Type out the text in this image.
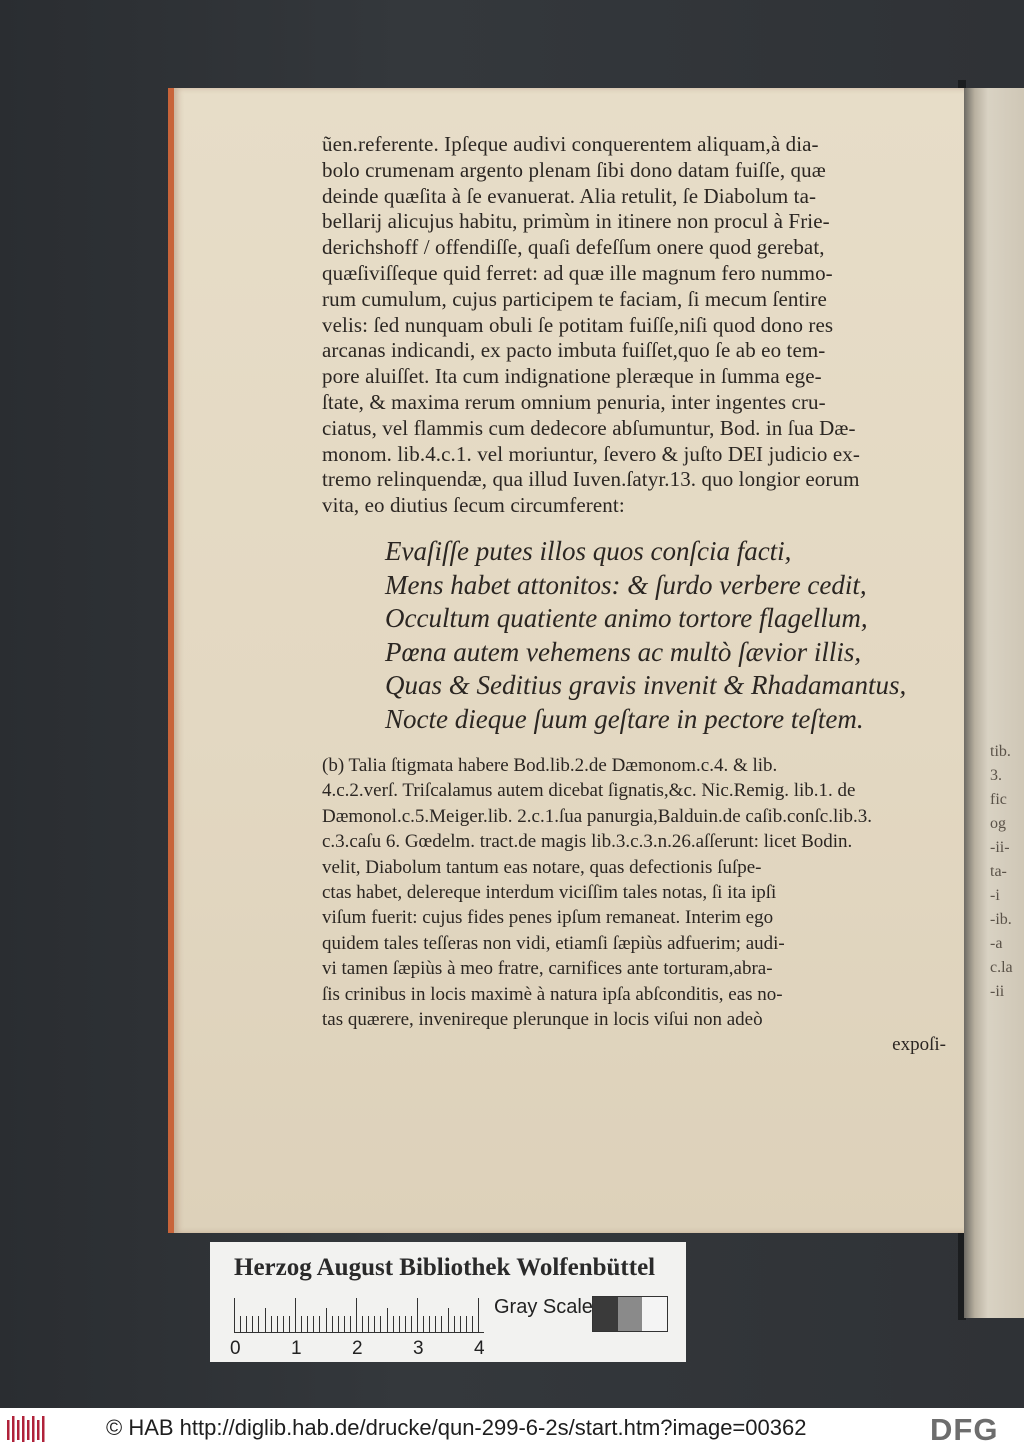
tib.
3.
fic
og
-ii-
ta-
-i
-ib.
-a
c.la
-ii
ũen.referente. Ipſeque audivi conquerentem aliquam,à dia-
bolo crumenam argento plenam ſibi dono datam fuiſſe, quæ
deinde quæſita à ſe evanuerat. Alia retulit, ſe Diabolum ta-
bellarij alicujus habitu, primùm in itinere non procul à Frie-
derichshoff / offendiſſe, quaſi defeſſum onere quod gerebat,
quæſiviſſeque quid ferret: ad quæ ille magnum fero nummo-
rum cumulum, cujus participem te faciam, ſi mecum ſentire
velis: ſed nunquam obuli ſe potitam fuiſſe,niſi quod dono res
arcanas indicandi, ex pacto imbuta fuiſſet,quo ſe ab eo tem-
pore aluiſſet. Ita cum indignatione pleræque in ſumma ege-
ſtate, & maxima rerum omnium penuria, inter ingentes cru-
ciatus, vel flammis cum dedecore abſumuntur, Bod. in ſua Dæ-
monom. lib.4.c.1. vel moriuntur, ſevero & juſto DEI judicio ex-
tremo relinquendæ, qua illud Iuven.ſatyr.13. quo longior eorum
vita, eo diutius ſecum circumferent:
Evaſiſſe putes illos quos conſcia facti,
Mens habet attonitos: & ſurdo verbere cedit,
Occultum quatiente animo tortore flagellum,
Pœna autem vehemens ac multò ſævior illis,
Quas & Seditius gravis invenit & Rhadamantus,
Nocte dieque ſuum geſtare in pectore teſtem.
(b) Talia ſtigmata habere Bod.lib.2.de Dæmonom.c.4. & lib.
4.c.2.verſ. Triſcalamus autem dicebat ſignatis,&c. Nic.Remig. lib.1. de
Dæmonol.c.5.Meiger.lib. 2.c.1.ſua panurgia,Balduin.de caſib.conſc.lib.3.
c.3.caſu 6. Gœdelm. tract.de magis lib.3.c.3.n.26.aſſerunt: licet Bodin.
velit, Diabolum tantum eas notare, quas defectionis ſuſpe-
ctas habet, delereque interdum viciſſim tales notas, ſi ita ipſi
viſum fuerit: cujus fides penes ipſum remaneat. Interim ego
quidem tales teſſeras non vidi, etiamſi ſæpiùs adfuerim; audi-
vi tamen ſæpiùs à meo fratre, carnifices ante torturam,abra-
ſis crinibus in locis maximè à natura ipſa abſconditis, eas no-
tas quærere, invenireque plerunque in locis viſui non adeò
expoſi-
Herzog August Bibliothek Wolfenbüttel
0	1	2	3	4
Gray Scale
© HAB http://diglib.hab.de/drucke/qun-299-6-2s/start.htm?image=00362	DFG
